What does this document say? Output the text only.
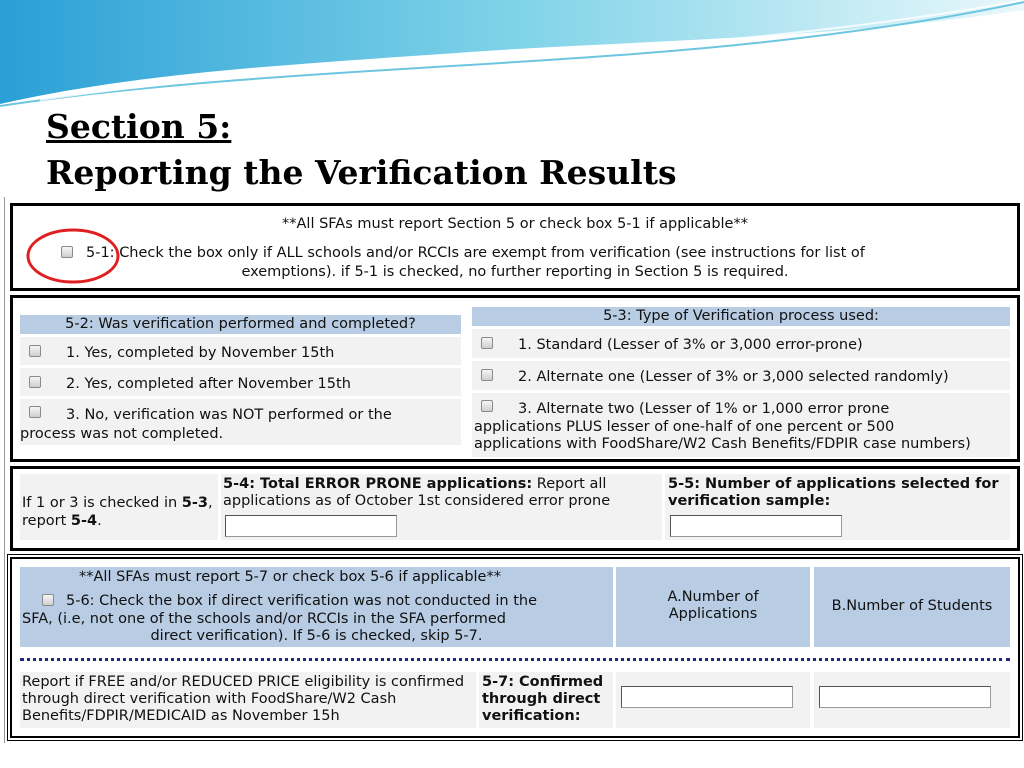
Section 5:
Reporting the Verification Results
**All SFAs must report Section 5 or check box 5-1 if applicable**
5-1: Check the box only if ALL schools and/or RCCIs are exempt from verification (see instructions for list of
exemptions). if 5-1 is checked, no further reporting in Section 5 is required.
5-2: Was verification performed and completed?
1. Yes, completed by November 15th
2. Yes, completed after November 15th
3. No, verification was NOT performed or the
process was not completed.
5-3: Type of Verification process used:
1. Standard (Lesser of 3% or 3,000 error-prone)
2. Alternate one (Lesser of 3% or 3,000 selected randomly)
3. Alternate two (Lesser of 1% or 1,000 error prone
applications PLUS lesser of one-half of one percent or 500
applications with FoodShare/W2 Cash Benefits/FDPIR case numbers)
If 1 or 3 is checked in 5-3, report 5-4.
5-4: Total ERROR PRONE applications: Report all applications as of October 1st considered error prone
5-5: Number of applications selected for verification sample:
**All SFAs must report 5-7 or check box 5-6 if applicable**
5-6: Check the box if direct verification was not conducted in the
SFA, (i.e, not one of the schools and/or RCCIs in the SFA performed
direct verification). If 5-6 is checked, skip 5-7.
A.Number of Applications	B.Number of Students
Report if FREE and/or REDUCED PRICE eligibility is confirmed through direct verification with FoodShare/W2 Cash Benefits/FDPIR/MEDICAID as November 15h
5-7: Confirmed through direct verification:
